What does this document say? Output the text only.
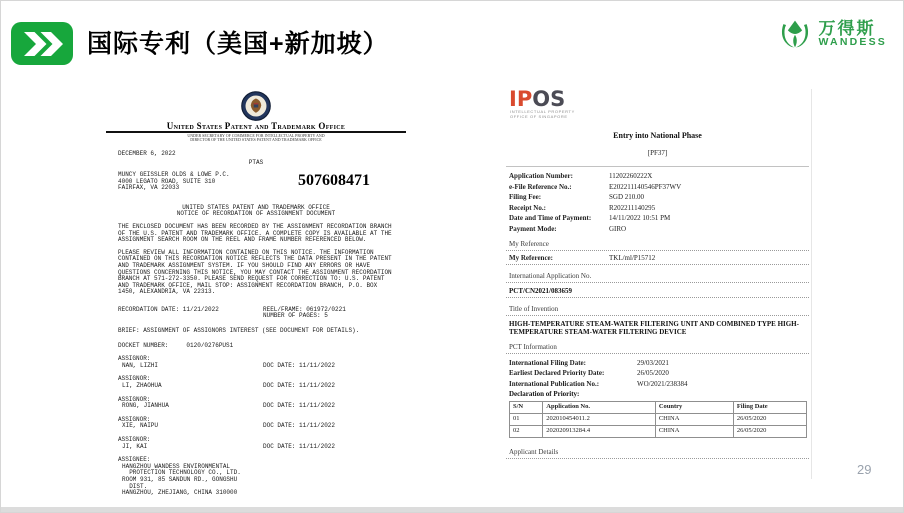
国际专利（美国+新加坡）
万得斯
WANDESS
United States Patent and Trademark Office
UNDER SECRETARY OF COMMERCE FOR INTELLECTUAL PROPERTY AND
DIRECTOR OF THE UNITED STATES PATENT AND TRADEMARK OFFICE
DECEMBER 6, 2022
PTAS
MUNCY GEISSLER OLDS & LOWE P.C.
4000 LEGATO ROAD, SUITE 310
FAIRFAX, VA 22033	507608471
UNITED STATES PATENT AND TRADEMARK OFFICE
NOTICE OF RECORDATION OF ASSIGNMENT DOCUMENT
THE ENCLOSED DOCUMENT HAS BEEN RECORDED BY THE ASSIGNMENT RECORDATION BRANCH OF THE U.S. PATENT AND TRADEMARK OFFICE. A COMPLETE COPY IS AVAILABLE AT THE ASSIGNMENT SEARCH ROOM ON THE REEL AND FRAME NUMBER REFERENCED BELOW.
PLEASE REVIEW ALL INFORMATION CONTAINED ON THIS NOTICE. THE INFORMATION CONTAINED ON THIS RECORDATION NOTICE REFLECTS THE DATA PRESENT IN THE PATENT AND TRADEMARK ASSIGNMENT SYSTEM. IF YOU SHOULD FIND ANY ERRORS OR HAVE QUESTIONS CONCERNING THIS NOTICE, YOU MAY CONTACT THE ASSIGNMENT RECORDATION BRANCH AT 571-272-3350. PLEASE SEND REQUEST FOR CORRECTION TO: U.S. PATENT AND TRADEMARK OFFICE, MAIL STOP: ASSIGNMENT RECORDATION BRANCH, P.O. BOX 1450, ALEXANDRIA, VA 22313.
RECORDATION DATE: 11/21/2022	REEL/FRAME: 061972/0221
NUMBER OF PAGES: 5
BRIEF: ASSIGNMENT OF ASSIGNORS INTEREST (SEE DOCUMENT FOR DETAILS).
DOCKET NUMBER:	0120/0276PUS1
ASSIGNOR:
NAN, LIZHI	DOC DATE: 11/11/2022
ASSIGNOR:
LI, ZHAOHUA	DOC DATE: 11/11/2022
ASSIGNOR:
RONG, JIANHUA	DOC DATE: 11/11/2022
ASSIGNOR:
XIE, NAIPU	DOC DATE: 11/11/2022
ASSIGNOR:
JI, KAI	DOC DATE: 11/11/2022
ASSIGNEE:
HANGZHOU WANDESS ENVIRONMENTAL
PROTECTION TECHNOLOGY CO., LTD.
ROOM 931, 85 SANDUN RD., GONGSHU
DIST.
HANGZHOU, ZHEJIANG, CHINA 310000
IPOS
INTELLECTUAL PROPERTY
OFFICE OF SINGAPORE
Entry into National Phase
[PF37]
Application Number:	11202260222X
e-File Reference No.:	E202211140546PF37WV
Filing Fee:	SGD 210.00
Receipt No.:	R202211140295
Date and Time of Payment:	14/11/2022 10:51 PM
Payment Mode:	GIRO
My Reference
My Reference:	TKL/ml/P15712
International Application No.
PCT/CN2021/083659
Title of Invention
HIGH-TEMPERATURE STEAM-WATER FILTERING UNIT AND COMBINED TYPE HIGH-TEMPERATURE STEAM-WATER FILTERING DEVICE
PCT Information
International Filing Date:	29/03/2021
Earliest Declared Priority Date:	26/05/2020
International Publication No.:	WO/2021/238384
Declaration of Priority:
S/N	Application No.	Country	Filing Date
01	202010454011.2	CHINA	26/05/2020
02	202020913284.4	CHINA	26/05/2020
Applicant Details
29
